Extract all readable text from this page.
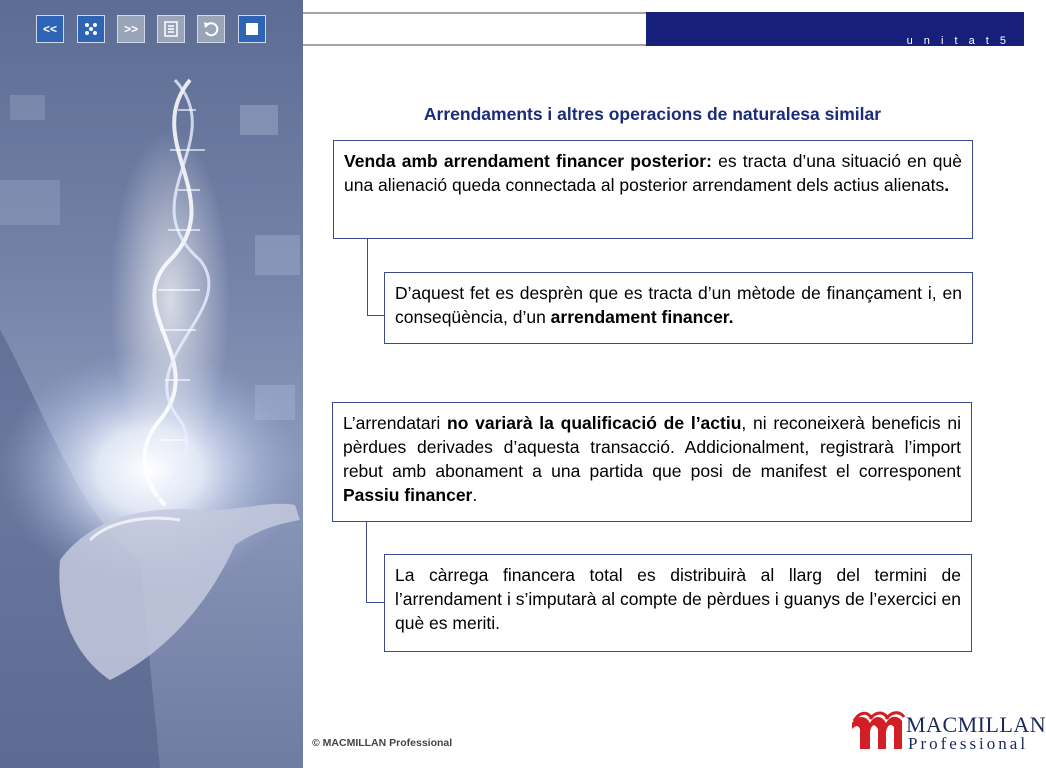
<<	>>
u n i t a t 5
Arrendaments i altres operacions de naturalesa similar
Venda amb arrendament financer posterior: es tracta d’una situació en què una alienació queda connectada al posterior arrendament dels actius alienats.
D’aquest fet es desprèn que es tracta d’un mètode de finançament i, en conseqüència, d’un arrendament financer.
L’arrendatari no variarà la qualificació de l’actiu, ni reconeixerà beneficis ni pèrdues derivades d’aquesta transacció. Addicionalment, registrarà l’import rebut amb abonament a una partida que posi de manifest el corresponent Passiu financer.
La càrrega financera total es distribuirà al llarg del termini de l’arrendament i s’imputarà al compte de pèrdues i guanys de l’exercici en què es meriti.
© MACMILLAN Professional
MACMILLAN
Professional
